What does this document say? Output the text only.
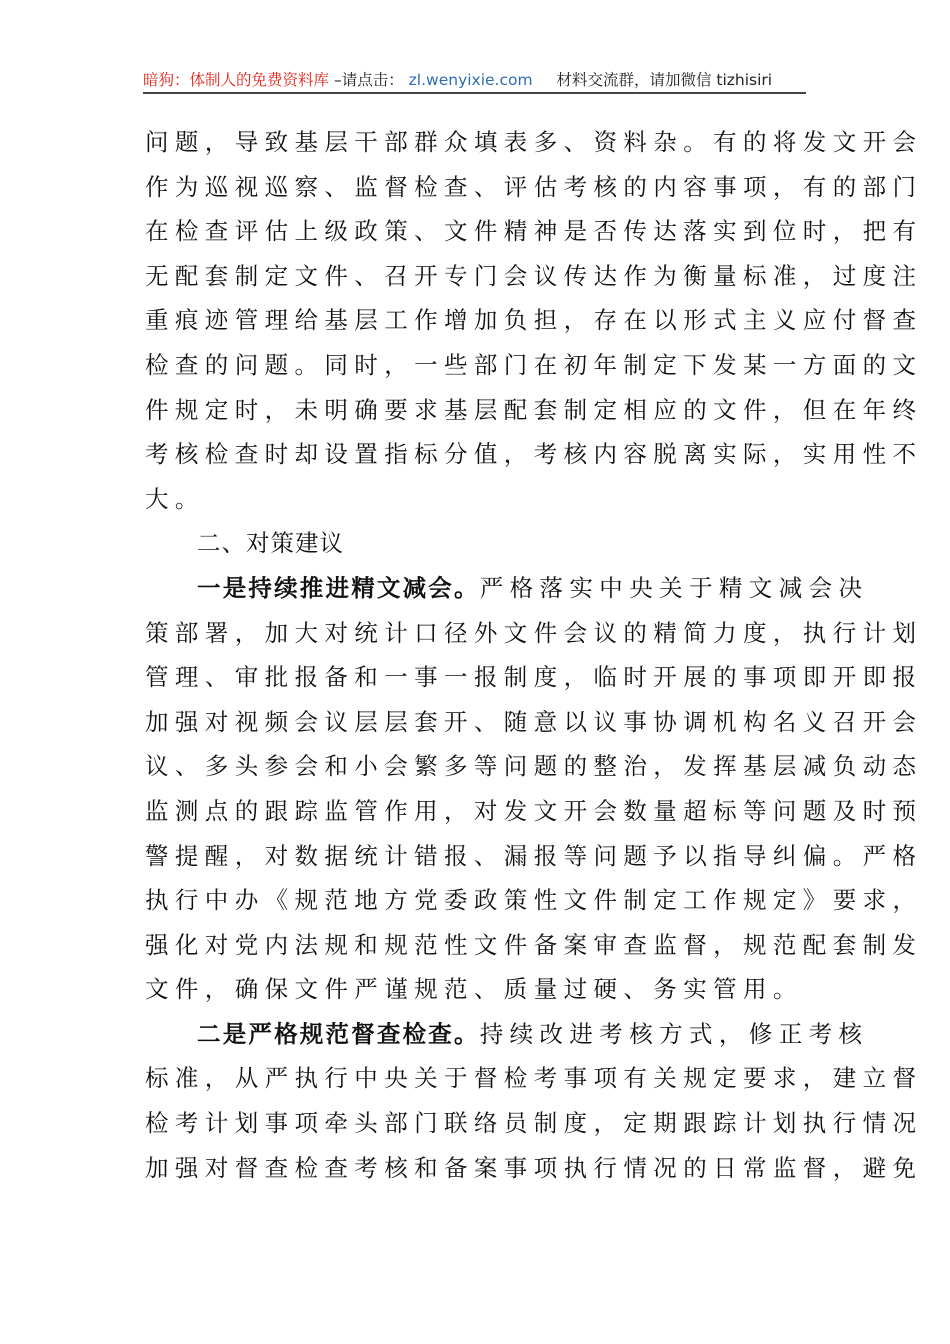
暗狗：体制人的免费资料库 –请点击： zl.wenyixie.com 材料交流群，请加微信 tizhisiri
问题，导致基层干部群众填表多、资料杂。有的将发文开会
作为巡视巡察、监督检查、评估考核的内容事项，有的部门
在检查评估上级政策、文件精神是否传达落实到位时，把有
无配套制定文件、召开专门会议传达作为衡量标准，过度注
重痕迹管理给基层工作增加负担，存在以形式主义应付督查
检查的问题。同时，一些部门在初年制定下发某一方面的文
件规定时，未明确要求基层配套制定相应的文件，但在年终
考核检查时却设置指标分值，考核内容脱离实际，实用性不
大。
二、对策建议
一是持续推进精文减会。严格落实中央关于精文减会决
策部署，加大对统计口径外文件会议的精简力度，执行计划
管理、审批报备和一事一报制度，临时开展的事项即开即报
加强对视频会议层层套开、随意以议事协调机构名义召开会
议、多头参会和小会繁多等问题的整治，发挥基层减负动态
监测点的跟踪监管作用，对发文开会数量超标等问题及时预
警提醒，对数据统计错报、漏报等问题予以指导纠偏。严格
执行中办《规范地方党委政策性文件制定工作规定》要求，
强化对党内法规和规范性文件备案审查监督，规范配套制发
文件，确保文件严谨规范、质量过硬、务实管用。
二是严格规范督查检查。持续改进考核方式，修正考核
标准，从严执行中央关于督检考事项有关规定要求，建立督
检考计划事项牵头部门联络员制度，定期跟踪计划执行情况
加强对督查检查考核和备案事项执行情况的日常监督，避免
